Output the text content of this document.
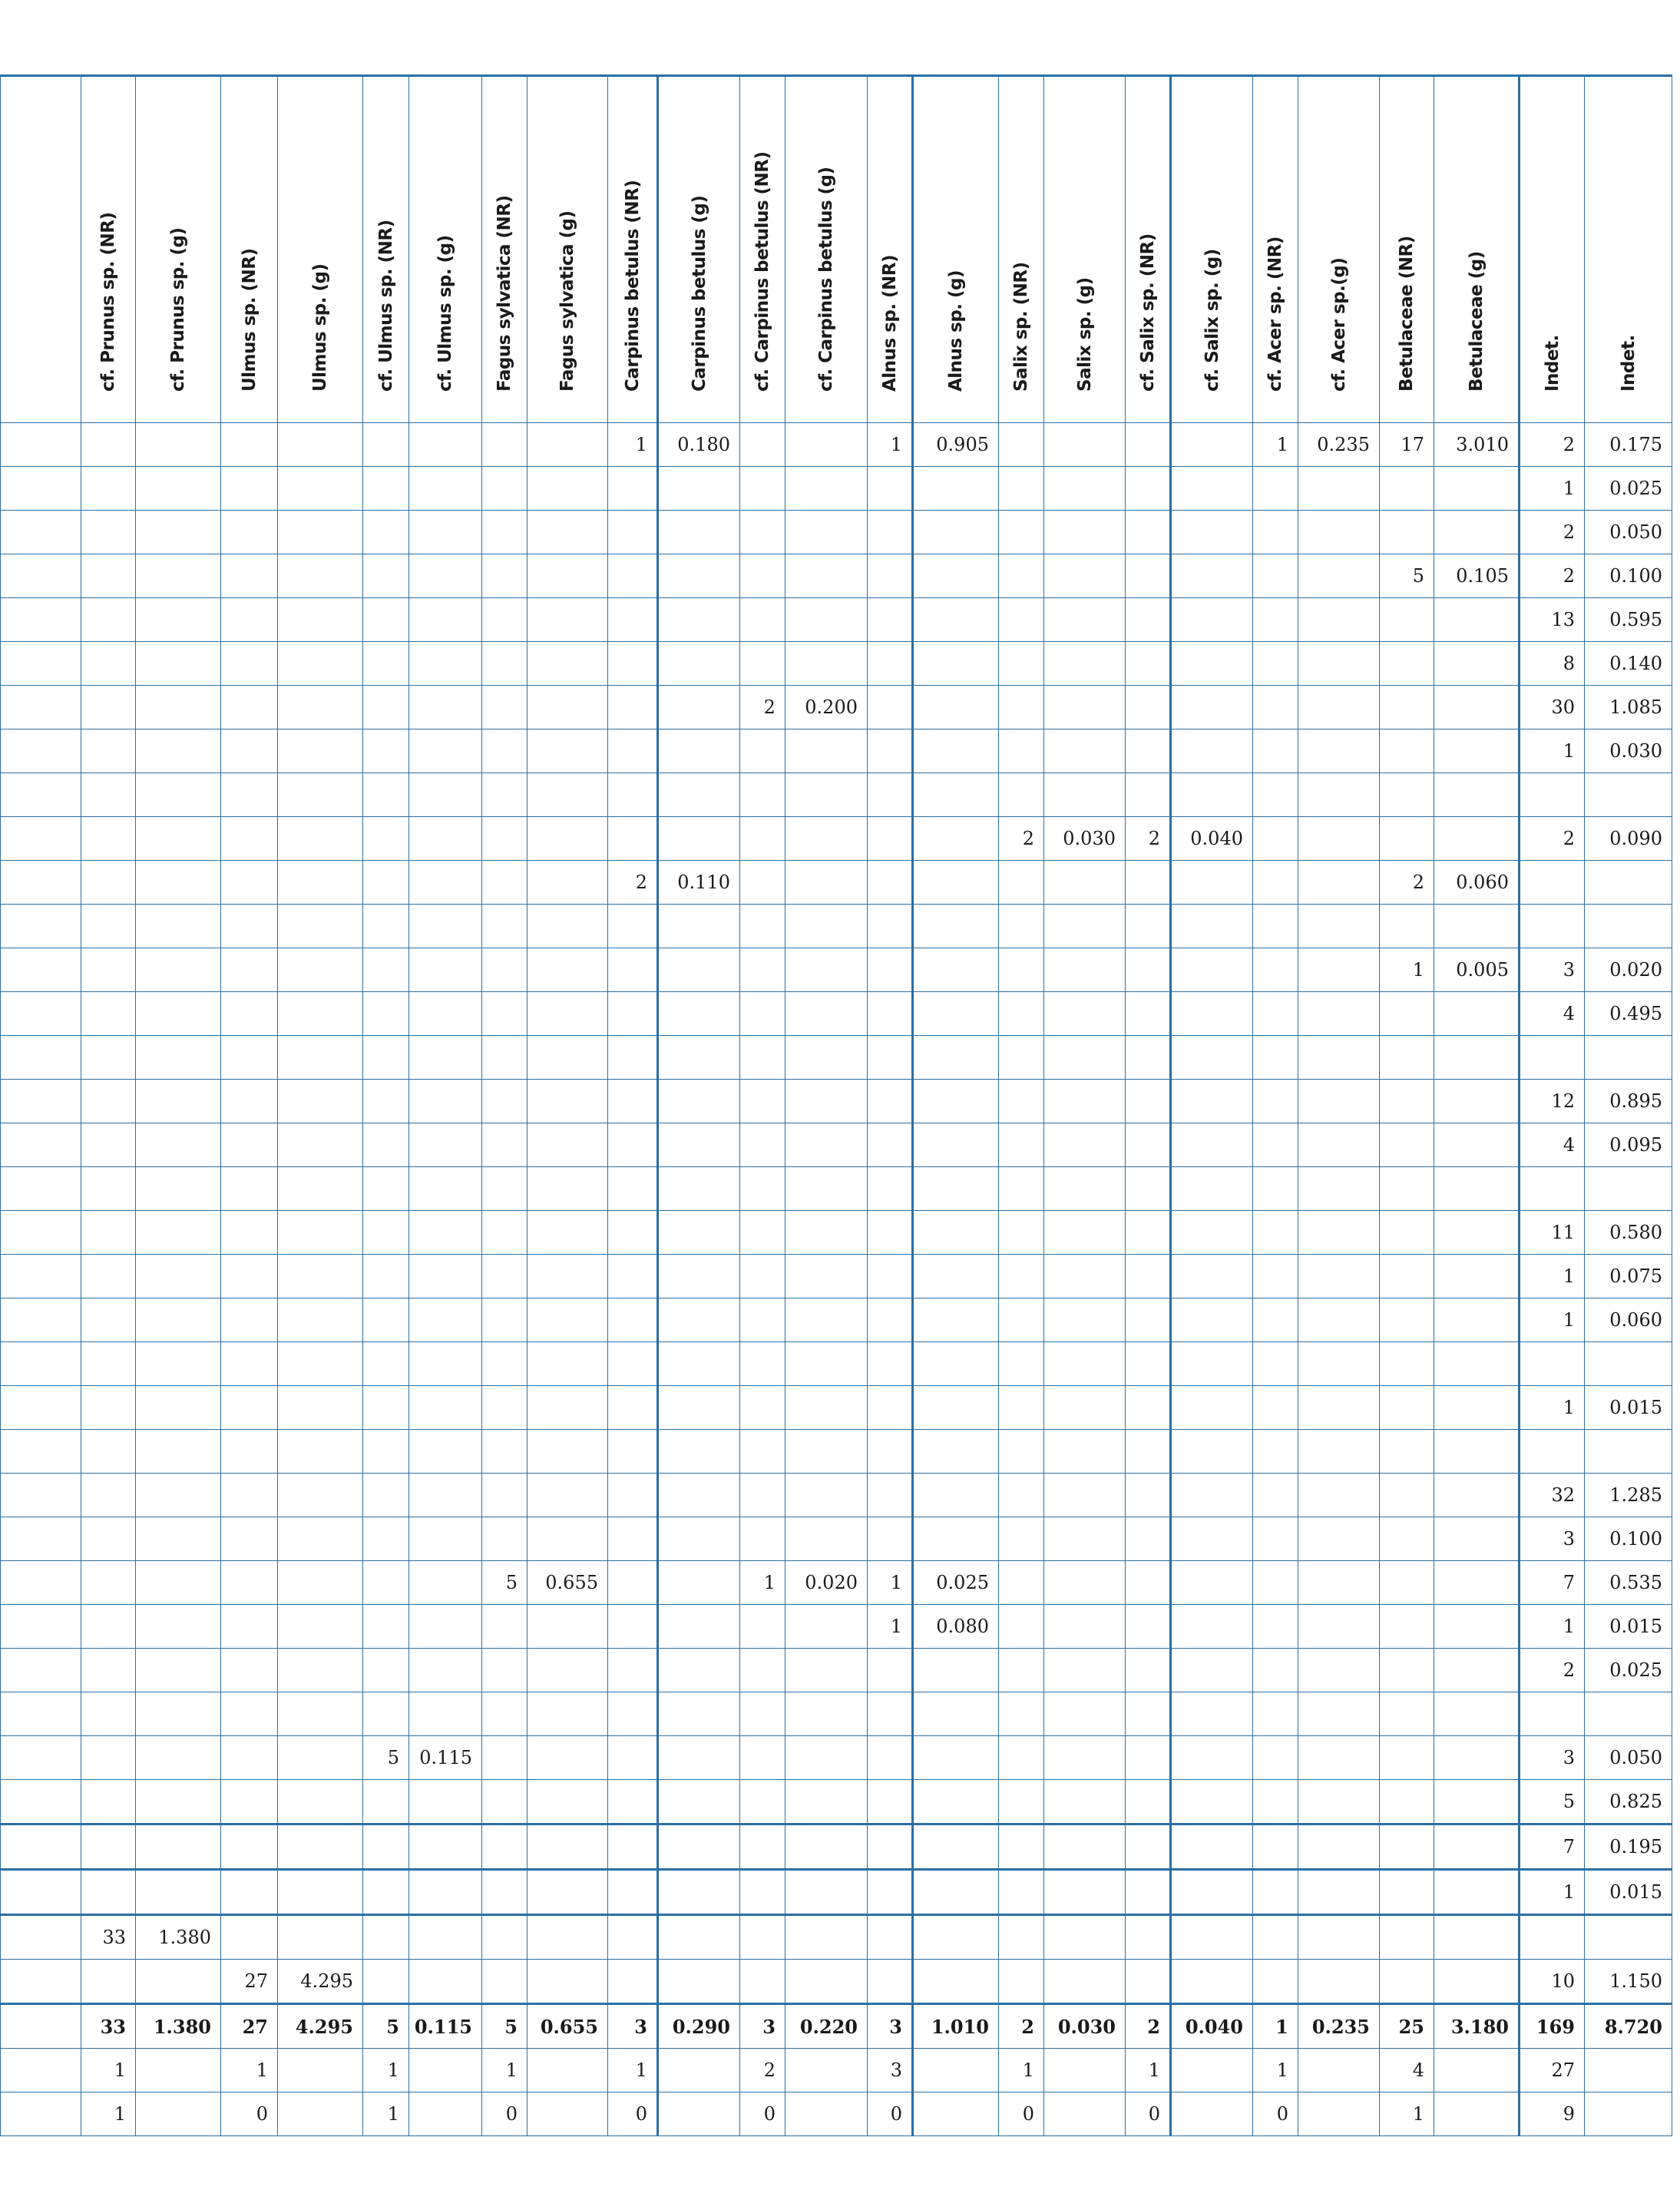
	cf. Prunus sp. (NR)	cf. Prunus sp. (g)	Ulmus sp. (NR)	Ulmus sp. (g)	cf. Ulmus sp. (NR)	cf. Ulmus sp. (g)	Fagus sylvatica (NR)	Fagus sylvatica (g)	Carpinus betulus (NR)	Carpinus betulus (g)	cf. Carpinus betulus (NR)	cf. Carpinus betulus (g)	Alnus sp. (NR)	Alnus sp. (g)	Salix sp. (NR)	Salix sp. (g)	cf. Salix sp. (NR)	cf. Salix sp. (g)	cf. Acer sp. (NR)	cf. Acer sp.(g)	Betulaceae (NR)	Betulaceae (g)	Indet.	Indet.

									1	0.180			1	0.905					1	0.235	17	3.010	2	0.175
																							1	0.025
																							2	0.050
																					5	0.105	2	0.100
																							13	0.595
																							8	0.140
											2	0.200											30	1.085
																							1	0.030

															2	0.030	2	0.040					2	0.090
									2	0.110											2	0.060		

																					1	0.005	3	0.020
																							4	0.495

																							12	0.895
																							4	0.095

																							11	0.580
																							1	0.075
																							1	0.060

																							1	0.015

																							32	1.285
																							3	0.100
							5	0.655			1	0.020	1	0.025									7	0.535
													1	0.080									1	0.015
																							2	0.025

					5	0.115																	3	0.050
																							5	0.825
																							7	0.195
																							1	0.015
	33	1.380																						
			27	4.295																			10	1.150
	33	1.380	27	4.295	5	0.115	5	0.655	3	0.290	3	0.220	3	1.010	2	0.030	2	0.040	1	0.235	25	3.180	169	8.720
	1		1		1		1		1		2		3		1		1		1		4		27	
	1		0		1		0		0		0		0		0		0		0		1		9	
